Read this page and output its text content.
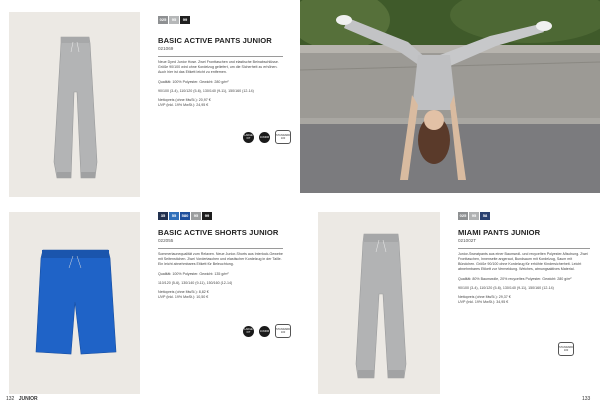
025	95	99
BASIC ACTIVE PANTS JUNIOR
021069
Neue Dyed Junior Hose. Zwei Fronttaschen und elastische Beinabschlüsse. Größe 90/100 wird ohne Kordelzug geliefert, um die Sicherheit zu erhöhen. Auch hier ist das Etikett leicht zu entfernen.
Qualität: 100% Polyester. Gewicht: 280 g/m²
90/100 (3-4), 110/120 (5-6), 130/140 (9-11), 150/160 (12-14)
Nettopreis (ohne MwSt.): 20,97 €
UVP (inkl. 19% MwSt.): 24,95 €
LARGE FIT	JUNIOR	STANDARD 100
35	55	580	95	99
BASIC ACTIVE SHORTS JUNIOR
022055
Sommerlaunequalität zum Relaxen. Neue Junior-Shorts aus Interlock-Gewebe mit Seitenstichen. Zwei Vordertaschen und elastischer Kordelzug in der Taille. Ein leicht abnehmbares Etikett für Beleuchtung.
Qualität: 100% Polyester. Gewicht: 135 g/m²
110/120 (5-6), 130/140 (9-11), 150/160 (12-14)
Nettopreis (ohne MwSt.): 8,82 €
UVP (inkl. 19% MwSt.): 10,50 €
LARGE FIT	JUNIOR	STANDARD 100
025	95	58
MIAMI PANTS JUNIOR
021002T
Junior-Sweatpants aus einer Baumwoll- und recycelten Polyester-Mischung. Zwei Fronttaschen, Innenseite angeraut, Bundsaum mit Kordelzug, Saum mit Bündchen. Größe 90/100 ohne Kordelzug für erhöhte Kindersicherheit. Leicht abnehmbares Etikett zur Vermeidung. Weiches, atmungsaktives Material.
Qualität: 80% Baumwolle, 20% recyceltes Polyester. Gewicht: 280 g/m²
90/100 (3-4), 110/120 (5-6), 130/140 (9-11), 150/160 (12-14)
Nettopreis (ohne MwSt.): 29,37 €
UVP (inkl. 19% MwSt.): 34,95 €
STANDARD 100
132 JUNIOR	133
